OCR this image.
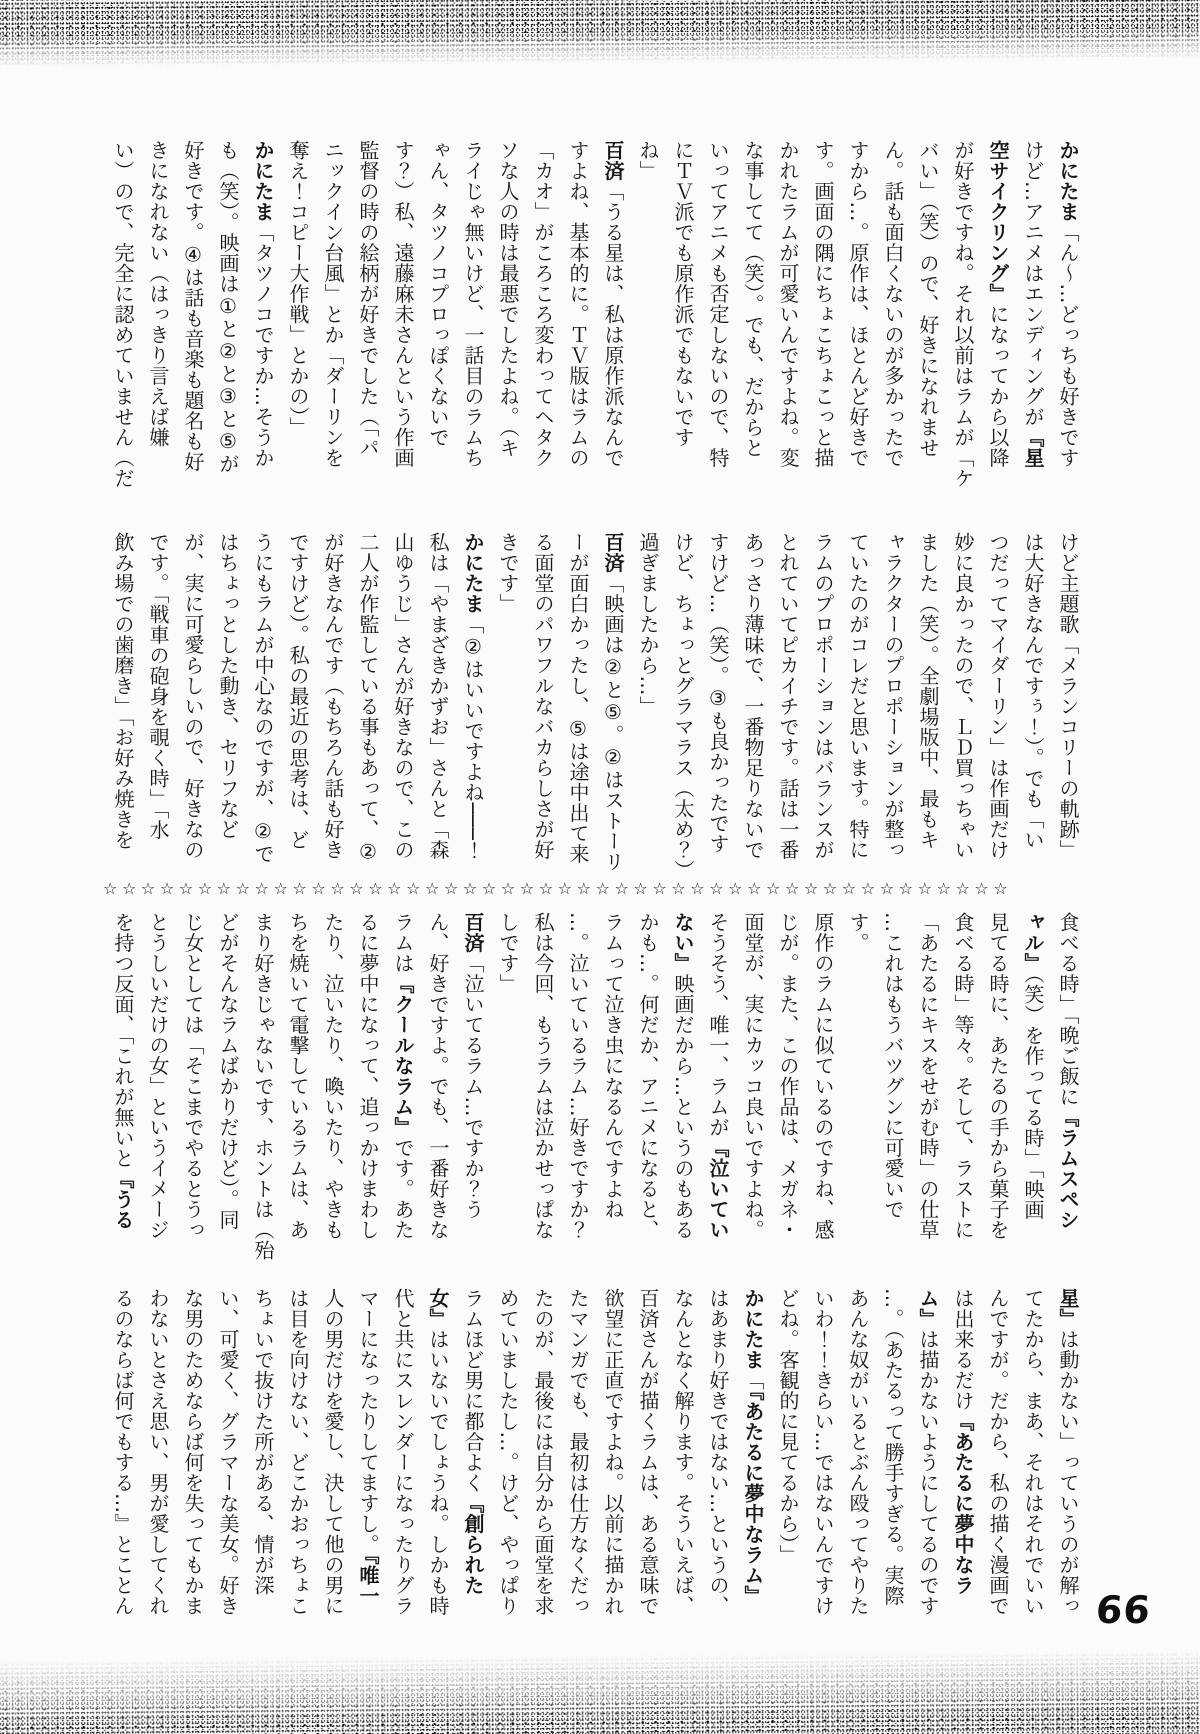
かにたま「ん〜…どっちも好きです
けど…アニメはエンディングが『星
空サイクリング』になってから以降
が好きですね。それ以前はラムが「ケ
バい」（笑）ので、好きになれませ
ん。話も面白くないのが多かったで
すから…。原作は、ほとんど好きで
す。画面の隅にちょこちょこっと描
かれたラムが可愛いんですよね。変
な事してて（笑）。でも、だからと
いってアニメも否定しないので、特
にＴＶ派でも原作派でもないです
ね」
百済「うる星は、私は原作派なんで
すよね、基本的に。ＴＶ版はラムの
「カオ」がころころ変わってヘタク
ソな人の時は最悪でしたよね。（キ
ライじゃ無いけど、一話目のラムち
ゃん、タツノコプロっぽくないで
す？）私、遠藤麻未さんという作画
監督の時の絵柄が好きでした（「パ
ニックイン台風」とか「ダーリンを
奪え！コピー大作戦」とかの）」
かにたま「タツノコですか…そうか
も（笑）。映画は①と②と③と⑤が
好きです。④は話も音楽も題名も好
きになれない（はっきり言えば嫌
い）ので、完全に認めていません（だ
けど主題歌「メランコリーの軌跡」
は大好きなんですぅ！）。でも「い
つだってマイダーリン」は作画だけ
妙に良かったので、ＬＤ買っちゃい
ました（笑）。全劇場版中、最もキ
ャラクターのプロポーションが整っ
ていたのがコレだと思います。特に
ラムのプロポーションはバランスが
とれていてピカイチです。話は一番
あっさり薄味で、一番物足りないで
すけど…（笑）。③も良かったです
けど、ちょっとグラマラス（太め？）
過ぎましたから…」
百済「映画は②と⑤。②はストーリ
ーが面白かったし、⑤は途中出て来
る面堂のパワフルなバカらしさが好
きです」
かにたま「②はいいですよね───！
私は「やまざきかずお」さんと「森
山ゆうじ」さんが好きなので、この
二人が作監している事もあって、②
が好きなんです（もちろん話も好き
ですけど）。私の最近の思考は、ど
うにもラムが中心なのですが、②で
はちょっとした動き、セリフなど
が、実に可愛らしいので、好きなの
です。「戦車の砲身を覗く時」「水
飲み場での歯磨き」「お好み焼きを
☆☆☆☆☆☆☆☆☆☆☆☆☆☆☆☆☆☆☆☆☆☆☆☆☆☆☆☆☆☆☆☆☆☆☆☆☆☆☆☆☆☆☆☆☆☆☆☆
食べる時」「晩ご飯に『ラムスペシ
ャル』（笑）を作ってる時」「映画
見てる時に、あたるの手から菓子を
食べる時」等々。そして、ラストに
「あたるにキスをせがむ時」の仕草
…これはもうバツグンに可愛いで
す。
原作のラムに似ているのですね、感
じが。また、この作品は、メガネ・
面堂が、実にカッコ良いですよね。
そうそう、唯一、ラムが『泣いてい
ない』映画だから…というのもある
かも…。何だか、アニメになると、
ラムって泣き虫になるんですよね
…。泣いているラム…好きですか？
私は今回、もうラムは泣かせっぱな
しです」
百済「泣いてるラム…ですか？う
ん、好きですよ。でも、一番好きな
ラムは『クールなラム』です。あた
るに夢中になって、追っかけまわし
たり、泣いたり、喚いたり、やきも
ちを焼いて電撃しているラムは、あ
まり好きじゃないです、ホントは（殆
どがそんなラムばかりだけど）。同
じ女としては「そこまでやるとうっ
とうしいだけの女」というイメージ
を持つ反面、「これが無いと『うる
星』は動かない」っていうのが解っ
てたから、まあ、それはそれでいい
んですが。だから、私の描く漫画で
は出来るだけ『あたるに夢中なラ
ム』は描かないようにしてるのです
…。（あたるって勝手すぎる。実際
あんな奴がいるとぶん殴ってやりた
いわ！！きらい…ではないんですけ
どね。客観的に見てるから）」
かにたま「『あたるに夢中なラム』
はあまり好きではない…というの、
なんとなく解ります。そういえば、
百済さんが描くラムは、ある意味で
欲望に正直ですよね。以前に描かれ
たマンガでも、最初は仕方なくだっ
たのが、最後には自分から面堂を求
めていましたし…。けど、やっぱり
ラムほど男に都合よく『創られた
女』はいないでしょうね。しかも時
代と共にスレンダーになったりグラ
マーになったりしてますし。『唯一
人の男だけを愛し、決して他の男に
は目を向けない、どこかおっちょこ
ちょいで抜けた所がある、情が深
い、可愛く、グラマーな美女。好き
な男のためならば何を失ってもかま
わないとさえ思い、男が愛してくれ
るのならば何でもする…』とことん	66
